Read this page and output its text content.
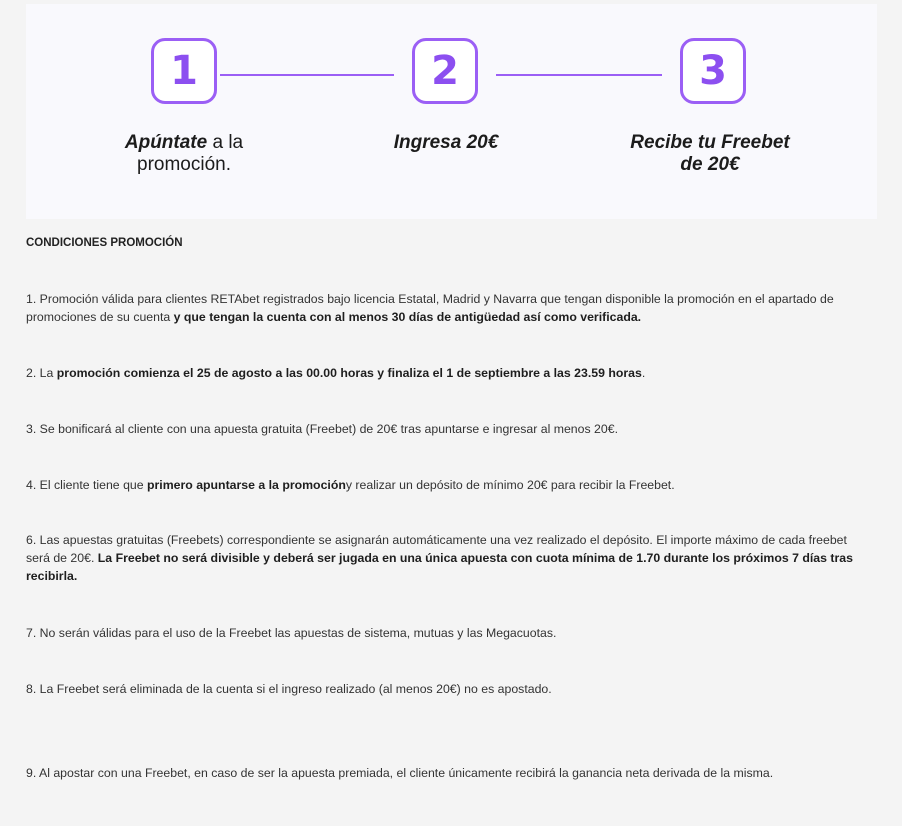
1	2	3
Apúntate a la
promoción.
Ingresa 20€	Recibe tu Freebet
de 20€
CONDICIONES PROMOCIÓN
1. Promoción válida para clientes RETAbet registrados bajo licencia Estatal, Madrid y Navarra que tengan disponible la promoción en el apartado de promociones de su cuenta y que tengan la cuenta con al menos 30 días de antigüedad así como verificada.
2. La promoción comienza el 25 de agosto a las 00.00 horas y finaliza el 1 de septiembre a las 23.59 horas.
3. Se bonificará al cliente con una apuesta gratuita (Freebet) de 20€ tras apuntarse e ingresar al menos 20€.
4. El cliente tiene que primero apuntarse a la promocióny realizar un depósito de mínimo 20€ para recibir la Freebet.
6. Las apuestas gratuitas (Freebets) correspondiente se asignarán automáticamente una vez realizado el depósito. El importe máximo de cada freebet será de 20€. La Freebet no será divisible y deberá ser jugada en una única apuesta con cuota mínima de 1.70 durante los próximos 7 días tras recibirla.
7. No serán válidas para el uso de la Freebet las apuestas de sistema, mutuas y las Megacuotas.
8. La Freebet será eliminada de la cuenta si el ingreso realizado (al menos 20€) no es apostado.
9. Al apostar con una Freebet, en caso de ser la apuesta premiada, el cliente únicamente recibirá la ganancia neta derivada de la misma.
